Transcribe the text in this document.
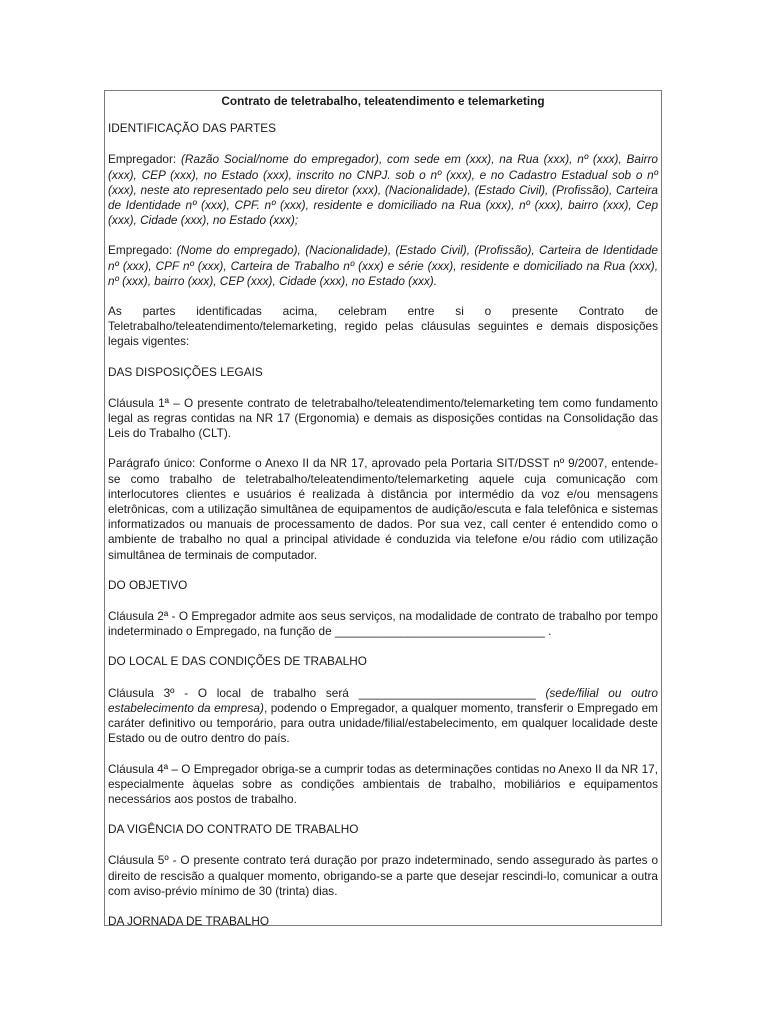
Contrato de teletrabalho, teleatendimento e telemarketing
IDENTIFICAÇÃO DAS PARTES
Empregador: (Razão Social/nome do empregador), com sede em (xxx), na Rua (xxx), nº (xxx), Bairro (xxx), CEP (xxx), no Estado (xxx), inscrito no CNPJ. sob o nº (xxx), e no Cadastro Estadual sob o nº (xxx), neste ato representado pelo seu diretor (xxx), (Nacionalidade), (Estado Civil), (Profissão), Carteira de Identidade nº (xxx), CPF. nº (xxx), residente e domiciliado na Rua (xxx), nº (xxx), bairro (xxx), Cep (xxx), Cidade (xxx), no Estado (xxx);
Empregado: (Nome do empregado), (Nacionalidade), (Estado Civil), (Profissão), Carteira de Identidade nº (xxx), CPF nº (xxx), Carteira de Trabalho nº (xxx) e série (xxx), residente e domiciliado na Rua (xxx), nº (xxx), bairro (xxx), CEP (xxx), Cidade (xxx), no Estado (xxx).
As partes identificadas acima, celebram entre si o presente Contrato de Teletrabalho/teleatendimento/telemarketing, regido pelas cláusulas seguintes e demais disposições legais vigentes:
DAS DISPOSIÇÕES LEGAIS
Cláusula 1ª – O presente contrato de teletrabalho/teleatendimento/telemarketing tem como fundamento legal as regras contidas na NR 17 (Ergonomia) e demais as disposições contidas na Consolidação das Leis do Trabalho (CLT).
Parágrafo único: Conforme o Anexo II da NR 17, aprovado pela Portaria SIT/DSST nº 9/2007, entende-se como trabalho de teletrabalho/teleatendimento/telemarketing aquele cuja comunicação com interlocutores clientes e usuários é realizada à distância por intermédio da voz e/ou mensagens eletrônicas, com a utilização simultânea de equipamentos de audição/escuta e fala telefônica e sistemas informatizados ou manuais de processamento de dados. Por sua vez, call center é entendido como o ambiente de trabalho no qual a principal atividade é conduzida via telefone e/ou rádio com utilização simultânea de terminais de computador.
DO OBJETIVO
Cláusula 2ª - O Empregador admite aos seus serviços, na modalidade de contrato de trabalho por tempo indeterminado o Empregado, na função de ________________________________ .
DO LOCAL E DAS CONDIÇÕES DE TRABALHO
Cláusula 3º - O local de trabalho será ___________________________ (sede/filial ou outro estabelecimento da empresa), podendo o Empregador, a qualquer momento, transferir o Empregado em caráter definitivo ou temporário, para outra unidade/filial/estabelecimento, em qualquer localidade deste Estado ou de outro dentro do país.
Cláusula 4ª – O Empregador obriga-se a cumprir todas as determinações contidas no Anexo II da NR 17, especialmente àquelas sobre as condições ambientais de trabalho, mobiliários e equipamentos necessários aos postos de trabalho.
DA VIGÊNCIA DO CONTRATO DE TRABALHO
Cláusula 5º - O presente contrato terá duração por prazo indeterminado, sendo assegurado às partes o direito de rescisão a qualquer momento, obrigando-se a parte que desejar rescindi-lo, comunicar a outra com aviso-prévio mínimo de 30 (trinta) dias.
DA JORNADA DE TRABALHO
